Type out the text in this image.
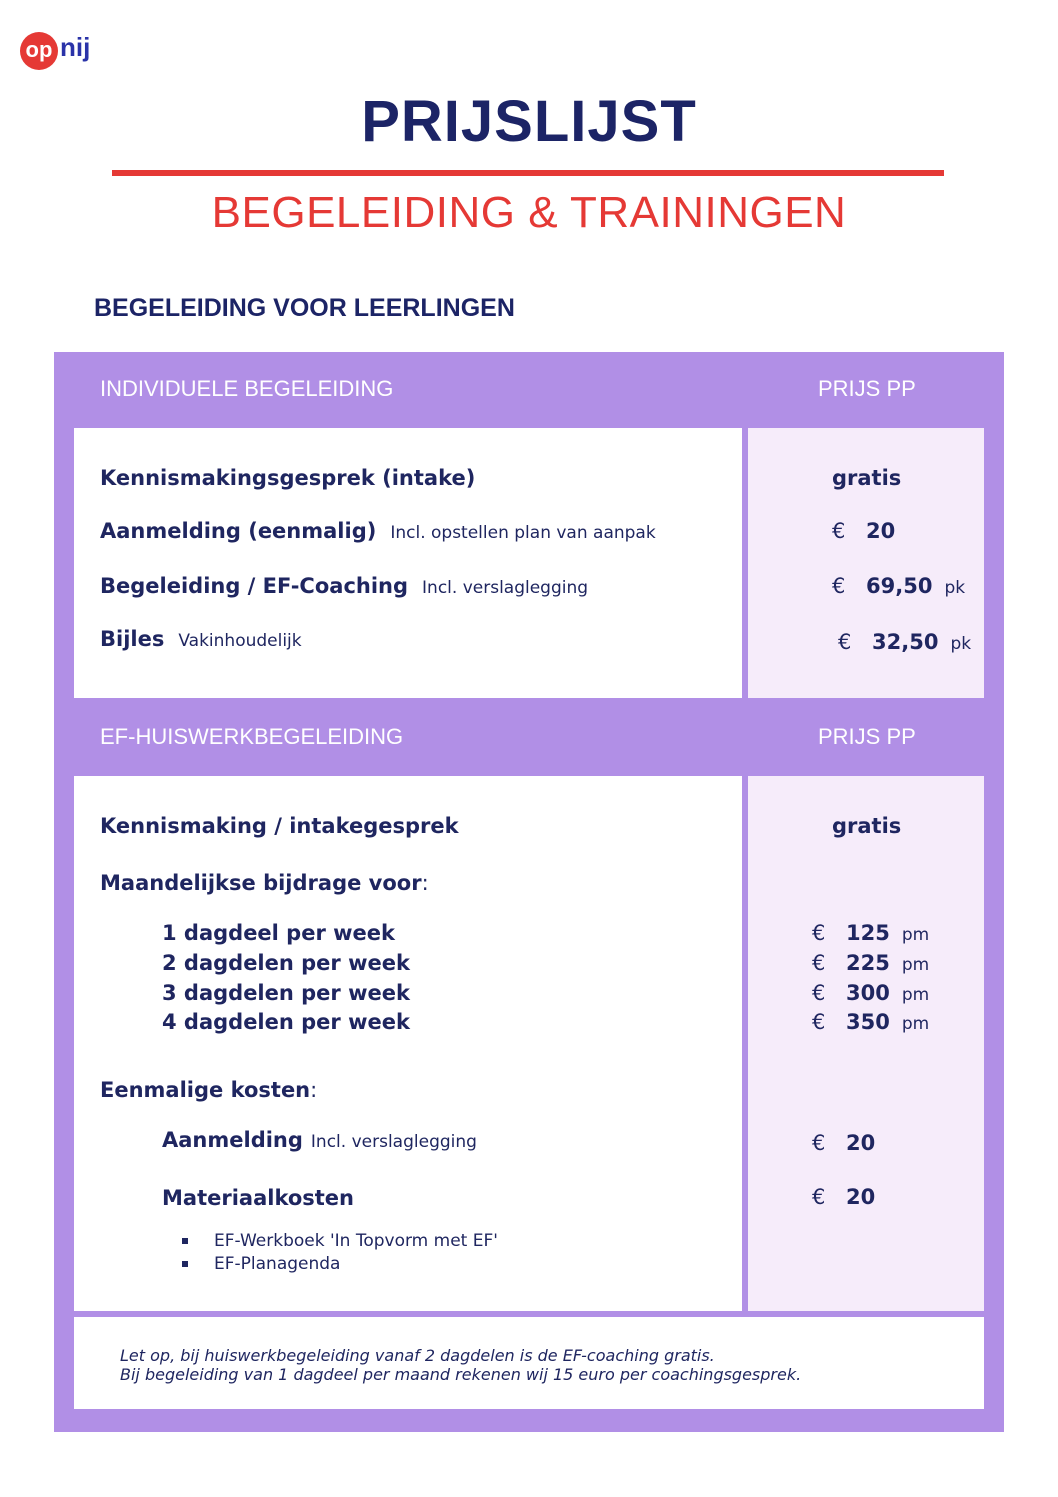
op nij
PRIJSLIJST
BEGELEIDING & TRAININGEN
BEGELEIDING VOOR LEERLINGEN
INDIVIDUELE BEGELEIDING	PRIJS PP
Kennismakingsgesprek (intake)	gratis
Aanmelding (eenmalig) Incl. opstellen plan van aanpak	€ 20
Begeleiding / EF-Coaching Incl. verslaglegging	€ 69,50 pk
Bijles Vakinhoudelijk	€ 32,50 pk
EF-HUISWERKBEGELEIDING	PRIJS PP
Kennismaking / intakegesprek	gratis
Maandelijkse bijdrage voor:
1 dagdeel per week	€ 125 pm
2 dagdelen per week	€ 225 pm
3 dagdelen per week	€ 300 pm
4 dagdelen per week	€ 350 pm
Eenmalige kosten:
Aanmelding Incl. verslaglegging	€ 20
Materiaalkosten	€ 20
EF-Werkboek 'In Topvorm met EF'
EF-Planagenda
Let op, bij huiswerkbegeleiding vanaf 2 dagdelen is de EF-coaching gratis.
Bij begeleiding van 1 dagdeel per maand rekenen wij 15 euro per coachingsgesprek.
